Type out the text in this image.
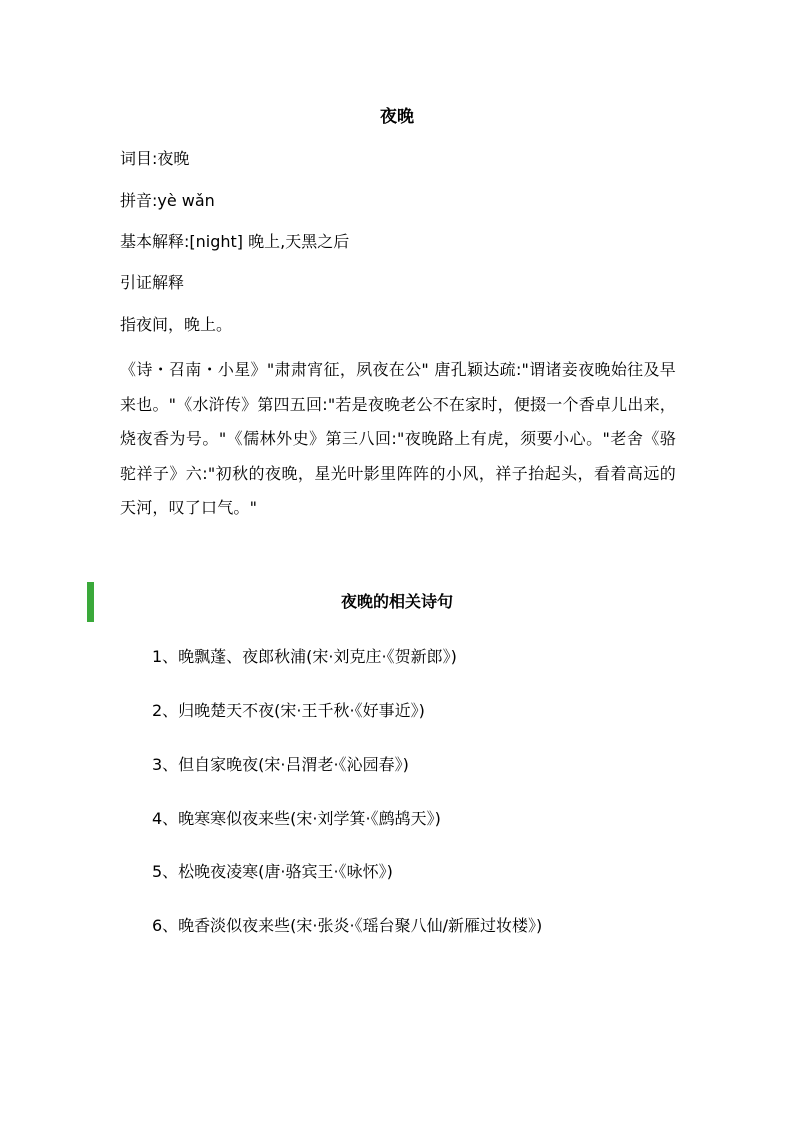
夜晚
词目:夜晚
拼音:yè wǎn
基本解释:[night] 晚上,天黑之后
引证解释
指夜间，晚上。
《诗・召南・小星》"肃肃宵征，夙夜在公" 唐孔颖达疏:"谓诸妾夜晚始往及早来也。"《水浒传》第四五回:"若是夜晚老公不在家时，便掇一个香卓儿出来，烧夜香为号。"《儒林外史》第三八回:"夜晚路上有虎，须要小心。"老舍《骆驼祥子》六:"初秋的夜晚，星光叶影里阵阵的小风，祥子抬起头，看着高远的天河，叹了口气。"
夜晚的相关诗句
1、晚飘蓬、夜郎秋浦(宋·刘克庄·《贺新郎》)
2、归晚楚天不夜(宋·王千秋·《好事近》)
3、但自家晚夜(宋·吕渭老·《沁园春》)
4、晚寒寒似夜来些(宋·刘学箕·《鹧鸪天》)
5、松晚夜凌寒(唐·骆宾王·《咏怀》)
6、晚香淡似夜来些(宋·张炎·《瑶台聚八仙/新雁过妆楼》)
